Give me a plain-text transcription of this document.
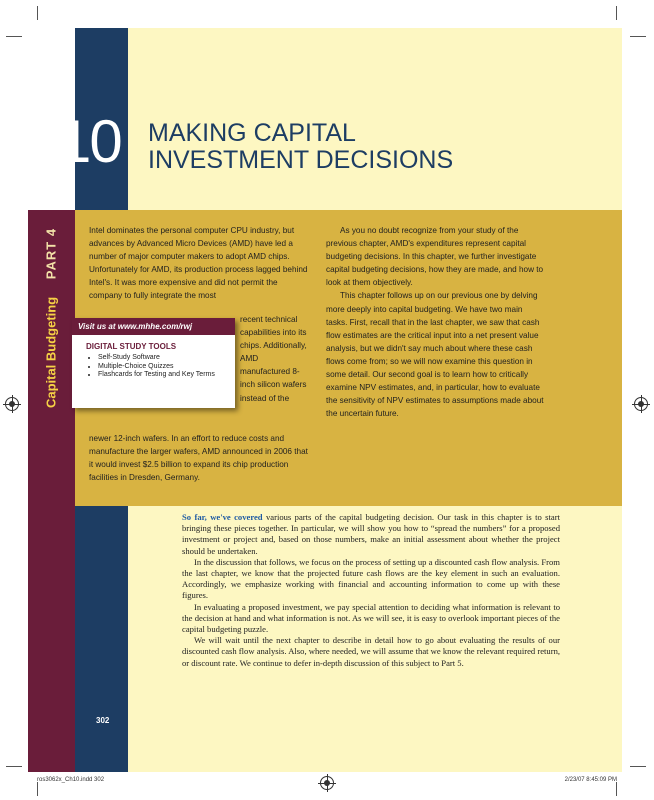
10 MAKING CAPITAL
INVESTMENT DECISIONS
Capital Budgeting PART 4	Intel dominates the personal computer CPU industry, but advances by Advanced Micro Devices (AMD) have led a number of major computer makers to adopt AMD chips. Unfortunately for AMD, its production process lagged behind Intel's. It was more expensive and did not permit the company to fully integrate the most

recent technical capabilities into its chips. Additionally, AMD manufactured 8-inch silicon wafers instead of the

newer 12-inch wafers. In an effort to reduce costs and manufacture the larger wafers, AMD announced in 2006 that it would invest $2.5 billion to expand its chip production facilities in Dresden, Germany.

As you no doubt recognize from your study of the previous chapter, AMD's expenditures represent capital budgeting decisions. In this chapter, we further investigate capital budgeting decisions, how they are made, and how to look at them objectively.

This chapter follows up on our previous one by delving more deeply into capital budgeting. We have two main tasks. First, recall that in the last chapter, we saw that cash flow estimates are the critical input into a net present value analysis, but we didn't say much about where these cash flows come from; so we will now examine this question in some detail. Our second goal is to learn how to critically examine NPV estimates, and, in particular, how to evaluate the sensitivity of NPV estimates to assumptions made about the uncertain future.

Visit us at www.mhhe.com/rwj
DIGITAL STUDY TOOLS
• Self-Study Software
• Multiple-Choice Quizzes
• Flashcards for Testing and Key Terms

So far, we've covered various parts of the capital budgeting decision. Our task in this chapter is to start bringing these pieces together. In particular, we will show you how to “spread the numbers” for a proposed investment or project and, based on those numbers, make an initial assessment about whether the project should be undertaken.

In the discussion that follows, we focus on the process of setting up a discounted cash flow analysis. From the last chapter, we know that the projected future cash flows are the key element in such an evaluation. Accordingly, we emphasize working with financial and accounting information to come up with these figures.

In evaluating a proposed investment, we pay special attention to deciding what information is relevant to the decision at hand and what information is not. As we will see, it is easy to overlook important pieces of the capital budgeting puzzle.

We will wait until the next chapter to describe in detail how to go about evaluating the results of our discounted cash flow analysis. Also, where needed, we will assume that we know the relevant required return, or discount rate. We continue to defer in-depth discussion of this subject to Part 5.

302
ros3062x_Ch10.indd 302	2/23/07 8:45:09 PM
